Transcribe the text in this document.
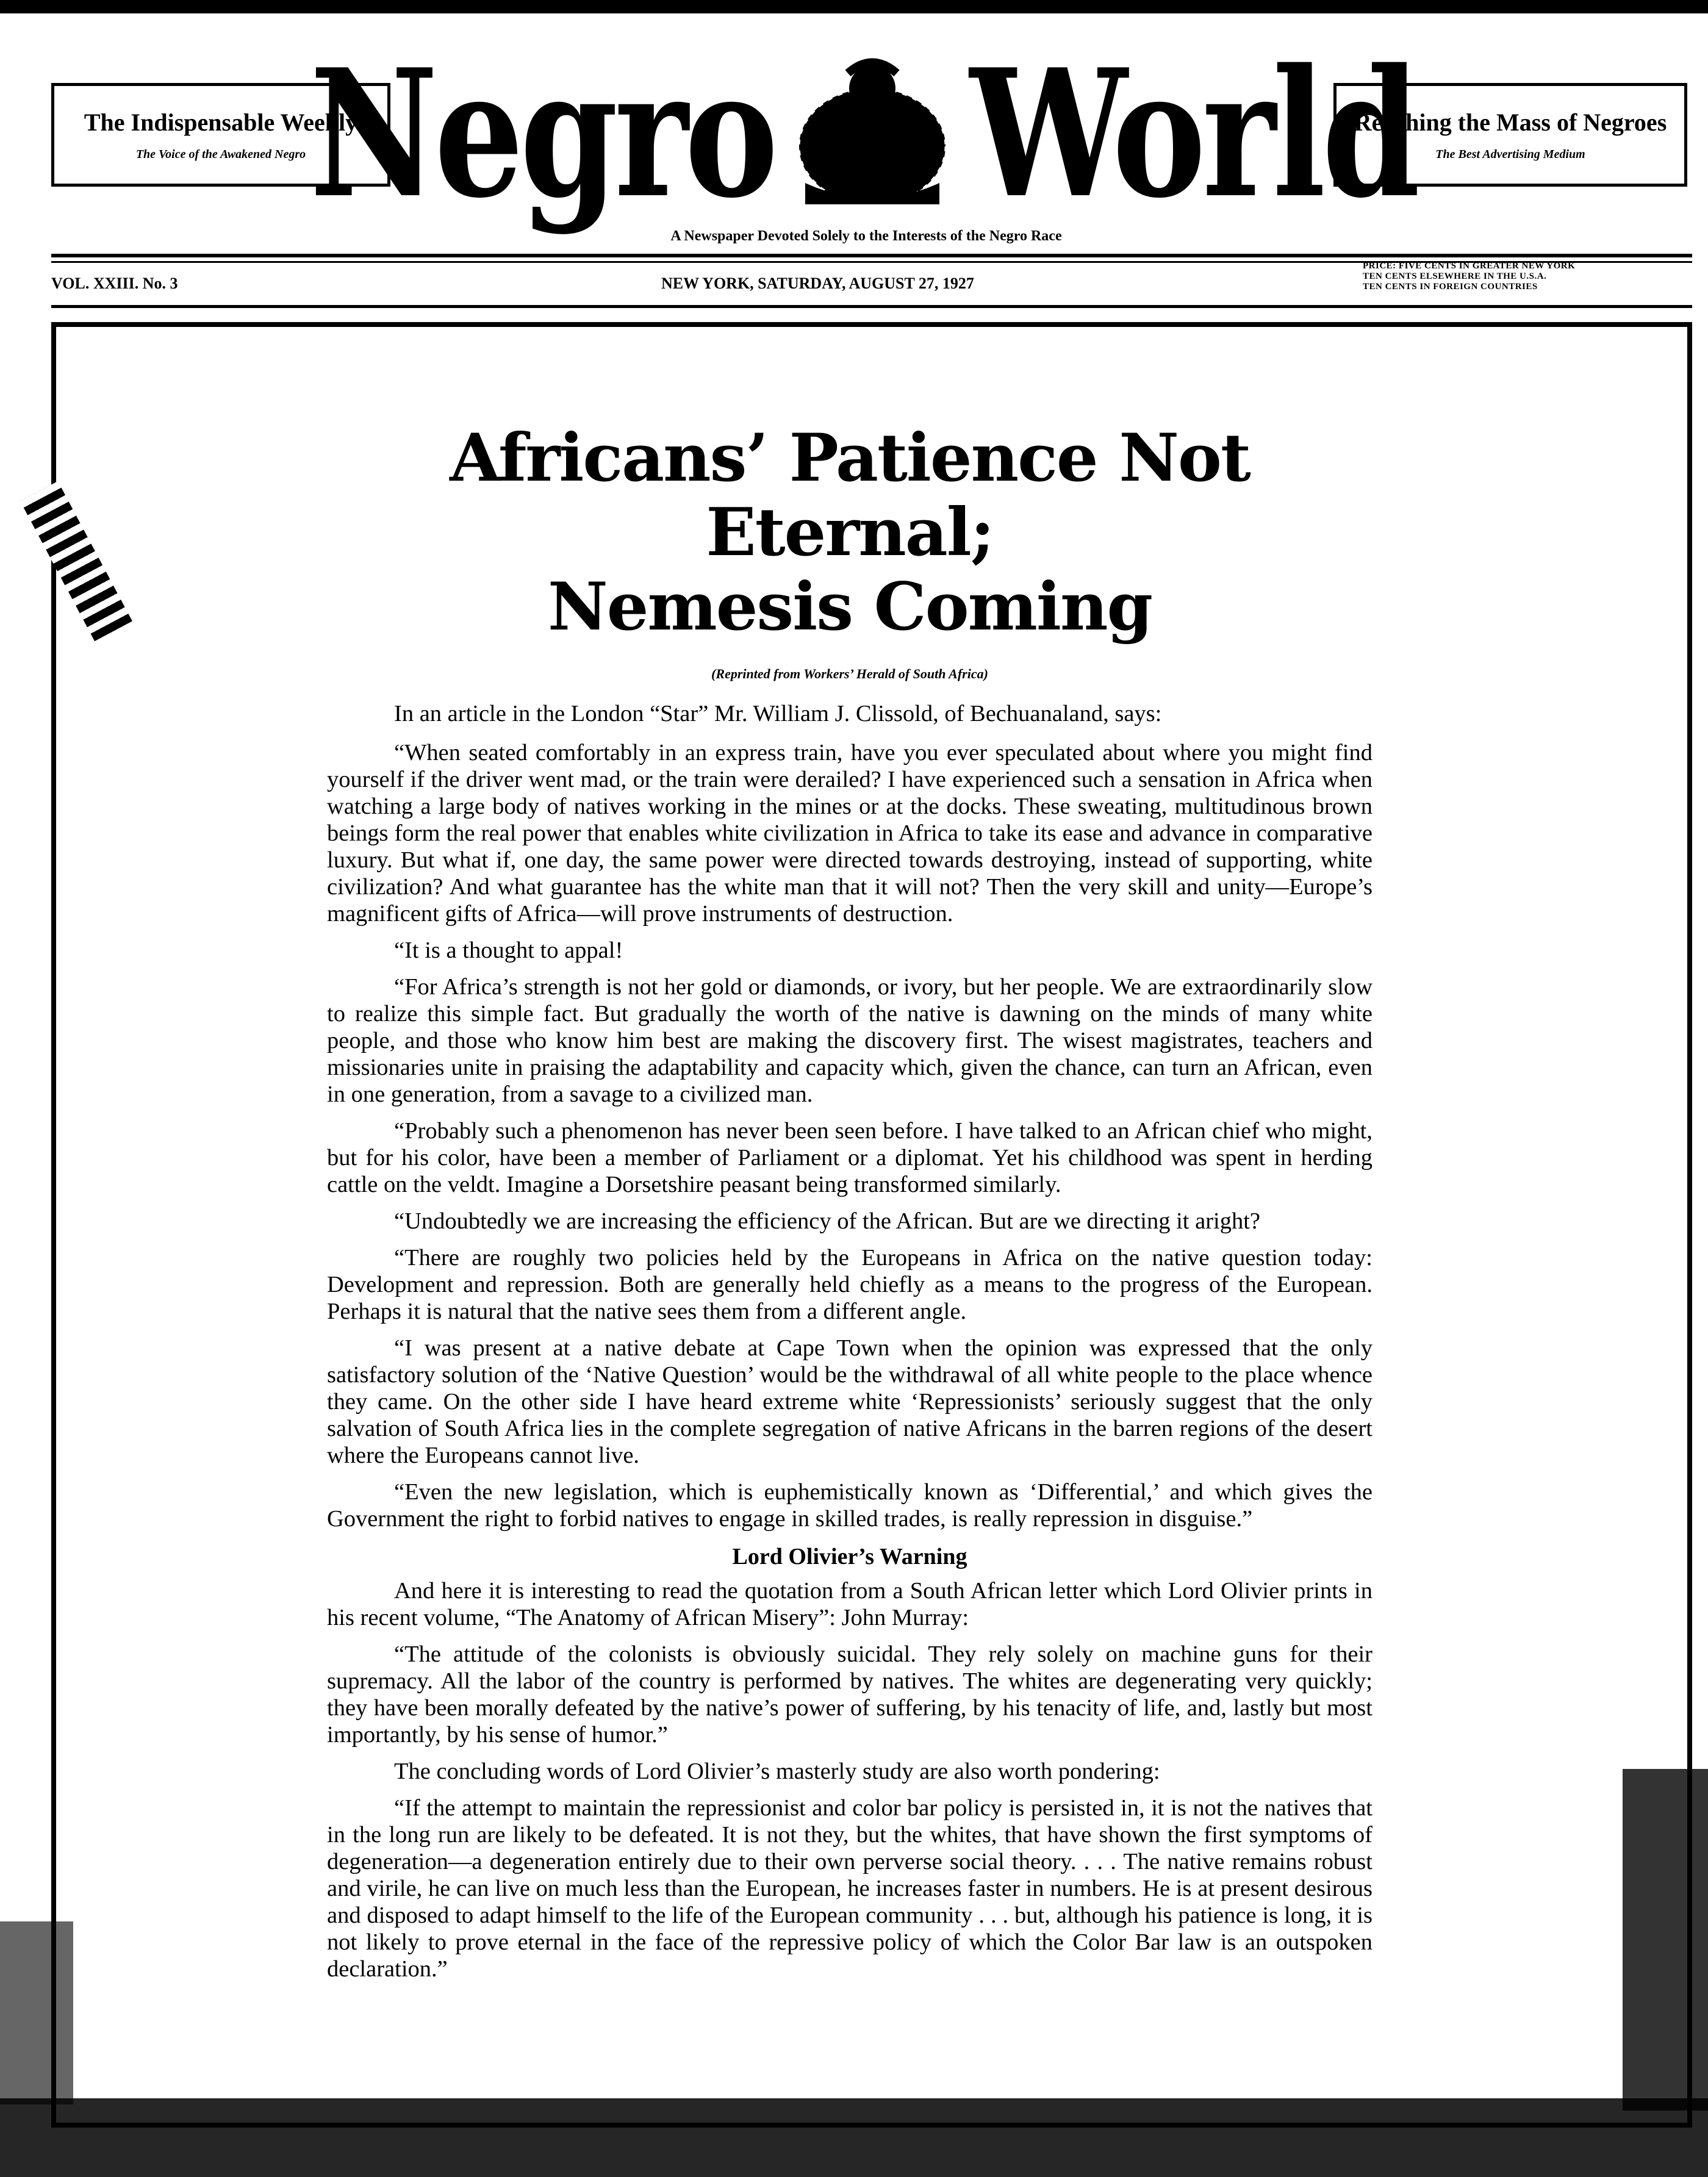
The Indispensable Weekly
The Voice of the Awakened Negro Negro World
Reaching the Mass of Negroes
The Best Advertising Medium
A Newspaper Devoted Solely to the Interests of the Negro Race
VOL. XXIII. No. 3	NEW YORK, SATURDAY, AUGUST 27, 1927
PRICE: FIVE CENTS IN GREATER NEW YORK
TEN CENTS ELSEWHERE IN THE U.S.A.
TEN CENTS IN FOREIGN COUNTRIES
Africans’ Patience Not Eternal;
Nemesis Coming
(Reprinted from Workers’ Herald of South Africa)

In an article in the London “Star” Mr. William J. Clissold, of Bechuanaland, says:

“When seated comfortably in an express train, have you ever speculated about where you might find yourself if the driver went mad, or the train were derailed? I have experienced such a sensation in Africa when watching a large body of natives working in the mines or at the docks. These sweating, multitudinous brown beings form the real power that enables white civilization in Africa to take its ease and advance in comparative luxury. But what if, one day, the same power were directed towards destroying, instead of supporting, white civilization? And what guarantee has the white man that it will not? Then the very skill and unity—Europe’s magnificent gifts of Africa—will prove instruments of destruction.

“It is a thought to appal!

“For Africa’s strength is not her gold or diamonds, or ivory, but her people. We are extraordinarily slow to realize this simple fact. But gradually the worth of the native is dawning on the minds of many white people, and those who know him best are making the discovery first. The wisest magistrates, teachers and missionaries unite in praising the adaptability and capacity which, given the chance, can turn an African, even in one generation, from a savage to a civilized man.

“Probably such a phenomenon has never been seen before. I have talked to an African chief who might, but for his color, have been a member of Parliament or a diplomat. Yet his childhood was spent in herding cattle on the veldt. Imagine a Dorsetshire peasant being transformed similarly.

“Undoubtedly we are increasing the efficiency of the African. But are we directing it aright?

“There are roughly two policies held by the Europeans in Africa on the native question today: Development and repression. Both are generally held chiefly as a means to the progress of the European. Perhaps it is natural that the native sees them from a different angle.

“I was present at a native debate at Cape Town when the opinion was expressed that the only satisfactory solution of the ‘Native Question’ would be the withdrawal of all white people to the place whence they came. On the other side I have heard extreme white ‘Repressionists’ seriously suggest that the only salvation of South Africa lies in the complete segregation of native Africans in the barren regions of the desert where the Europeans cannot live.

“Even the new legislation, which is euphemistically known as ‘Differential,’ and which gives the Government the right to forbid natives to engage in skilled trades, is really repression in disguise.”

Lord Olivier’s Warning

And here it is interesting to read the quotation from a South African letter which Lord Olivier prints in his recent volume, “The Anatomy of African Misery”: John Murray:

“The attitude of the colonists is obviously suicidal. They rely solely on machine guns for their supremacy. All the labor of the country is performed by natives. The whites are degenerating very quickly; they have been morally defeated by the native’s power of suffering, by his tenacity of life, and, lastly but most importantly, by his sense of humor.”

The concluding words of Lord Olivier’s masterly study are also worth pondering:

“If the attempt to maintain the repressionist and color bar policy is persisted in, it is not the natives that in the long run are likely to be defeated. It is not they, but the whites, that have shown the first symptoms of degeneration—a degeneration entirely due to their own perverse social theory. . . . The native remains robust and virile, he can live on much less than the European, he increases faster in numbers. He is at present desirous and disposed to adapt himself to the life of the European community . . . but, although his patience is long, it is not likely to prove eternal in the face of the repressive policy of which the Color Bar law is an outspoken declaration.”
